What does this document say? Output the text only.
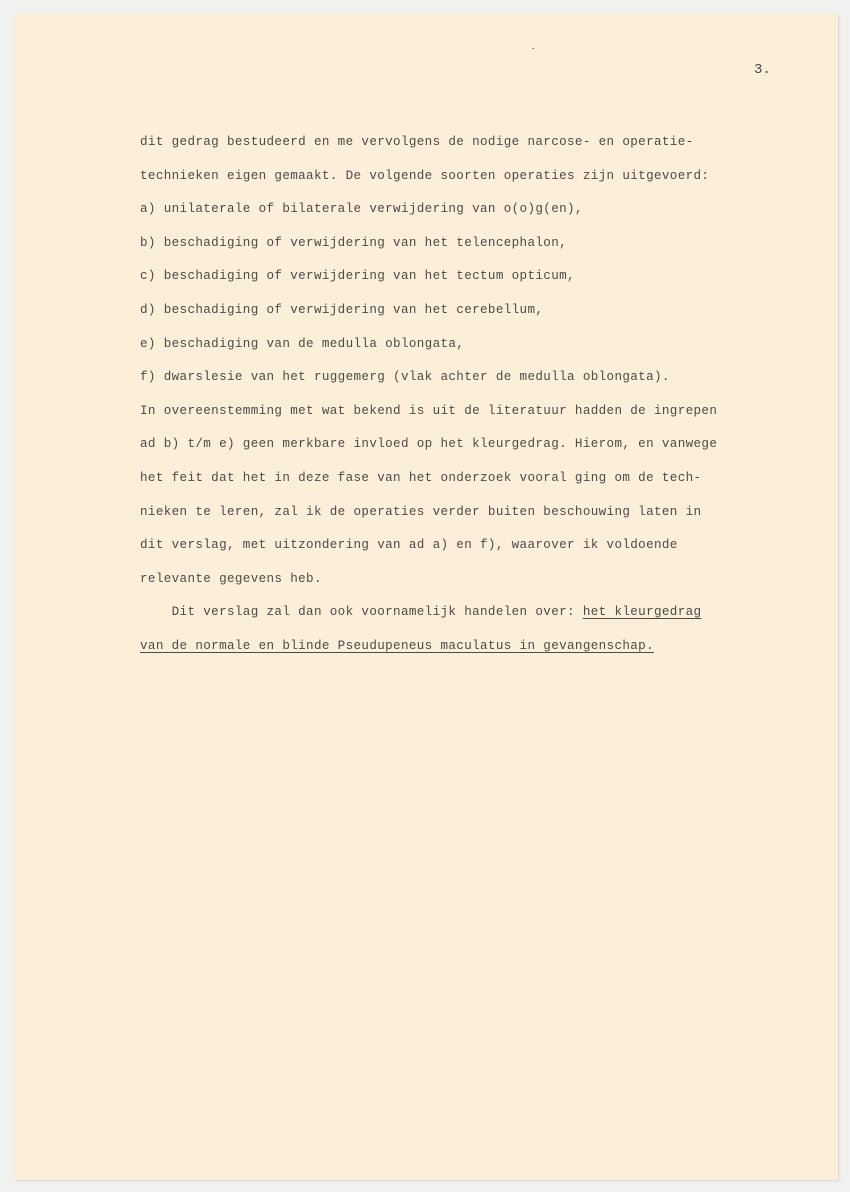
3.
dit gedrag bestudeerd en me vervolgens de nodige narcose- en operatie-
technieken eigen gemaakt. De volgende soorten operaties zijn uitgevoerd:
a) unilaterale of bilaterale verwijdering van o(o)g(en),
b) beschadiging of verwijdering van het telencephalon,
c) beschadiging of verwijdering van het tectum opticum,
d) beschadiging of verwijdering van het cerebellum,
e) beschadiging van de medulla oblongata,
f) dwarslesie van het ruggemerg (vlak achter de medulla oblongata).
In overeenstemming met wat bekend is uit de literatuur hadden de ingrepen
ad b) t/m e) geen merkbare invloed op het kleurgedrag. Hierom, en vanwege
het feit dat het in deze fase van het onderzoek vooral ging om de tech-
nieken te leren, zal ik de operaties verder buiten beschouwing laten in
dit verslag, met uitzondering van ad a) en f), waarover ik voldoende
relevante gegevens heb.
Dit verslag zal dan ook voornamelijk handelen over: het kleurgedrag
van de normale en blinde Pseudupeneus maculatus in gevangenschap.
